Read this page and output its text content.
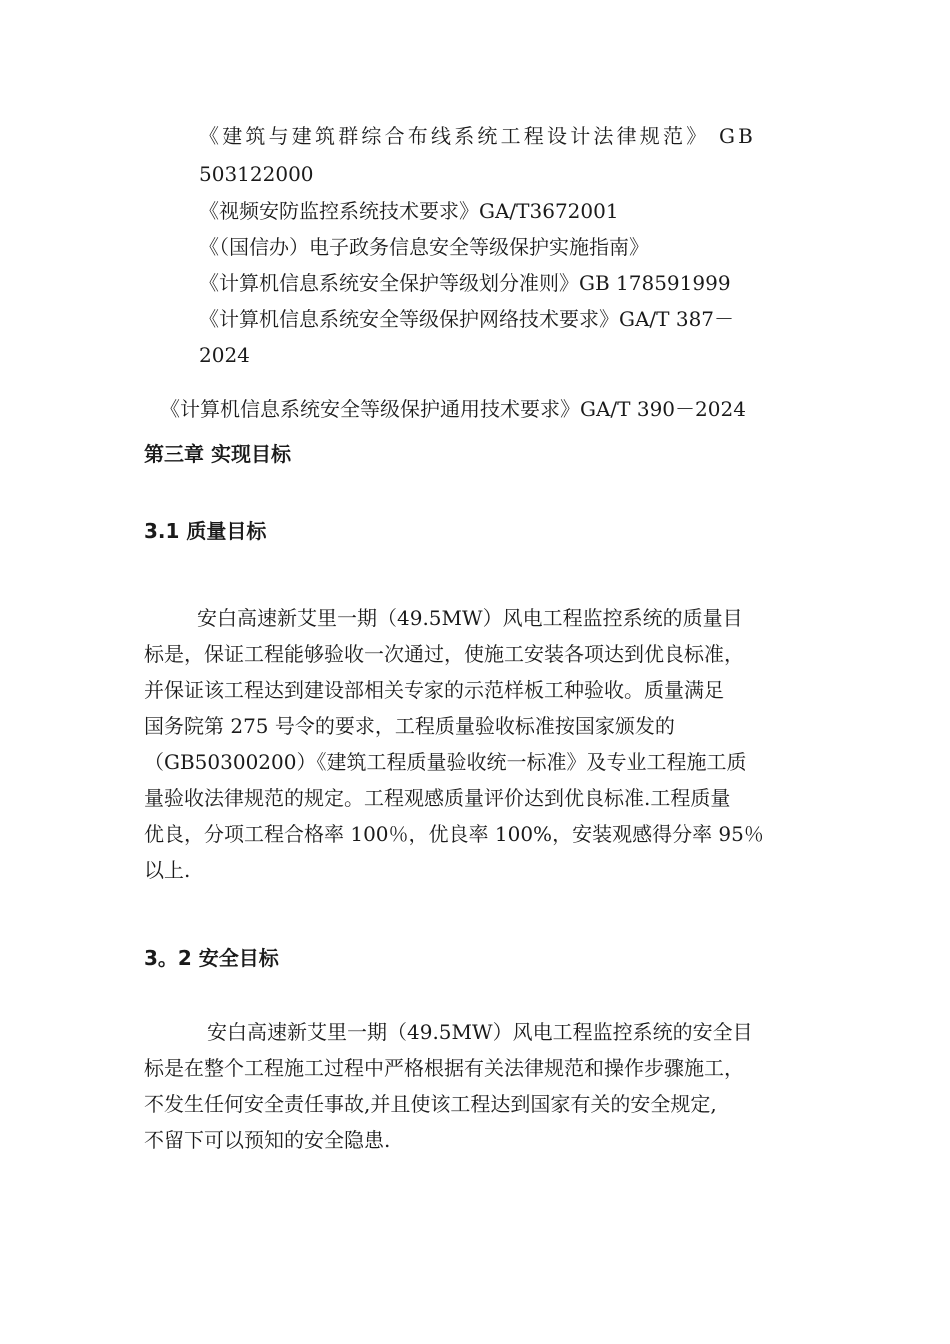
《建筑与建筑群综合布线系统工程设计法律规范》 GB
503122000
《视频安防监控系统技术要求》GA/T3672001
《（国信办）电子政务信息安全等级保护实施指南》
《计算机信息系统安全保护等级划分准则》GB 178591999
《计算机信息系统安全等级保护网络技术要求》GA/T 387－
2024
《计算机信息系统安全等级保护通用技术要求》GA/T 390－2024
第三章 实现目标
3.1 质量目标
安白高速新艾里一期（49.5MW）风电工程监控系统的质量目
标是，保证工程能够验收一次通过，使施工安装各项达到优良标准，
并保证该工程达到建设部相关专家的示范样板工种验收。质量满足
国务院第 275 号令的要求，工程质量验收标准按国家颁发的
（GB50300200）《建筑工程质量验收统一标准》及专业工程施工质
量验收法律规范的规定。工程观感质量评价达到优良标准.工程质量
优良，分项工程合格率 100％，优良率 100%，安装观感得分率 95％
以上.
3。2 安全目标
安白高速新艾里一期（49.5MW）风电工程监控系统的安全目
标是在整个工程施工过程中严格根据有关法律规范和操作步骤施工，
不发生任何安全责任事故,并且使该工程达到国家有关的安全规定,
不留下可以预知的安全隐患.
